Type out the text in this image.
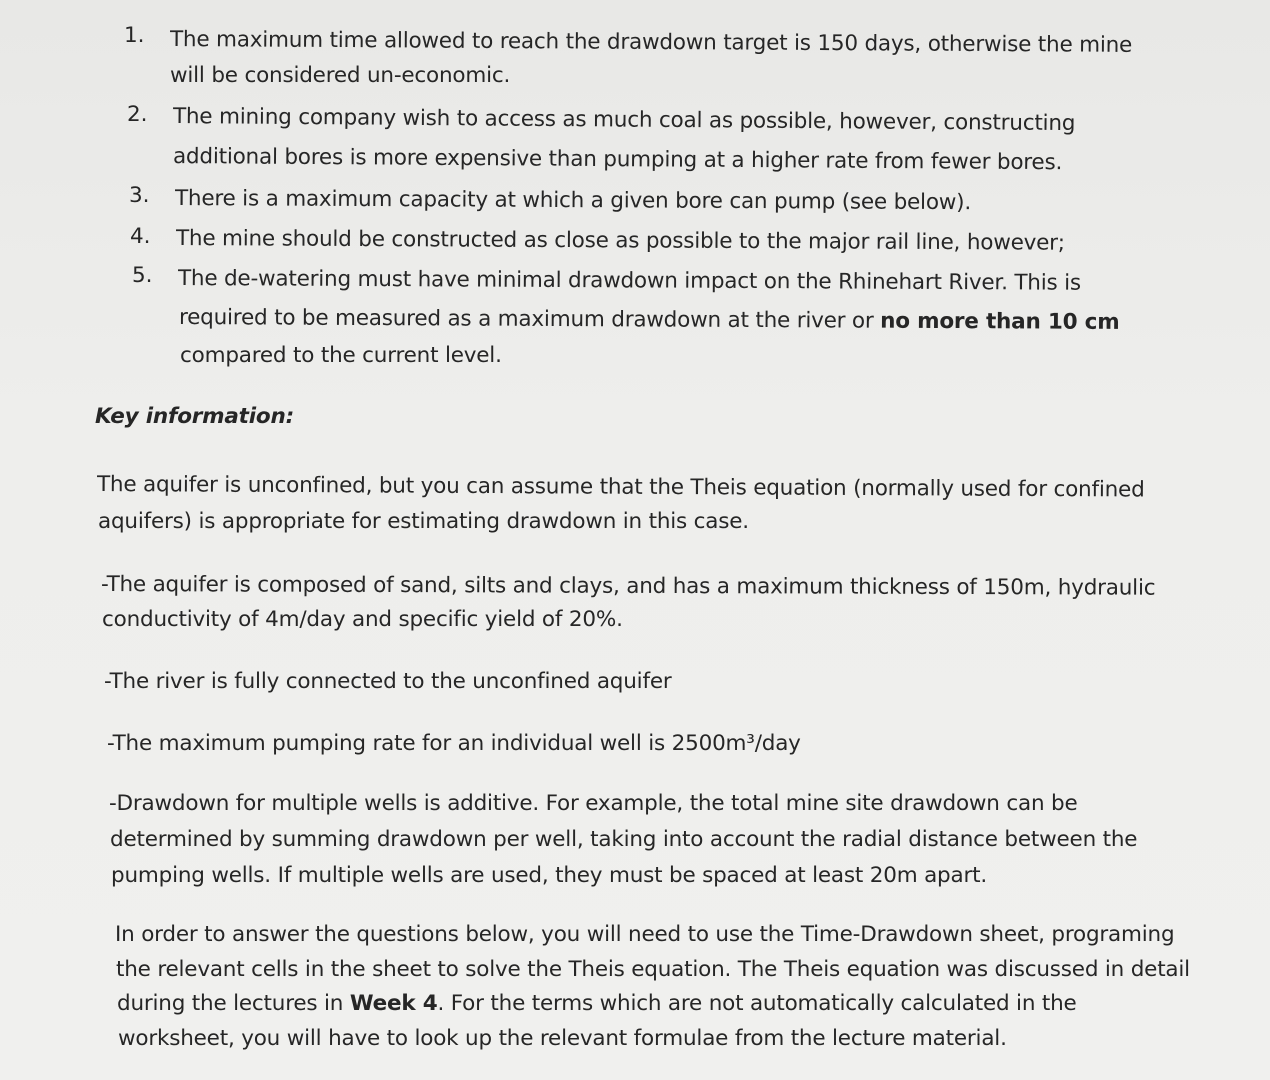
1. The maximum time allowed to reach the drawdown target is 150 days, otherwise the mine
will be considered un-economic.
2. The mining company wish to access as much coal as possible, however, constructing
additional bores is more expensive than pumping at a higher rate from fewer bores.
3. There is a maximum capacity at which a given bore can pump (see below).
4. The mine should be constructed as close as possible to the major rail line, however;
5. The de-watering must have minimal drawdown impact on the Rhinehart River. This is
required to be measured as a maximum drawdown at the river or no more than 10 cm
compared to the current level.
Key information:
The aquifer is unconfined, but you can assume that the Theis equation (normally used for confined
aquifers) is appropriate for estimating drawdown in this case.
-The aquifer is composed of sand, silts and clays, and has a maximum thickness of 150m, hydraulic
conductivity of 4m/day and specific yield of 20%.
-The river is fully connected to the unconfined aquifer
-The maximum pumping rate for an individual well is 2500m³/day
-Drawdown for multiple wells is additive. For example, the total mine site drawdown can be
determined by summing drawdown per well, taking into account the radial distance between the
pumping wells. If multiple wells are used, they must be spaced at least 20m apart.
In order to answer the questions below, you will need to use the Time-Drawdown sheet, programing
the relevant cells in the sheet to solve the Theis equation. The Theis equation was discussed in detail
during the lectures in Week 4. For the terms which are not automatically calculated in the
worksheet, you will have to look up the relevant formulae from the lecture material.
